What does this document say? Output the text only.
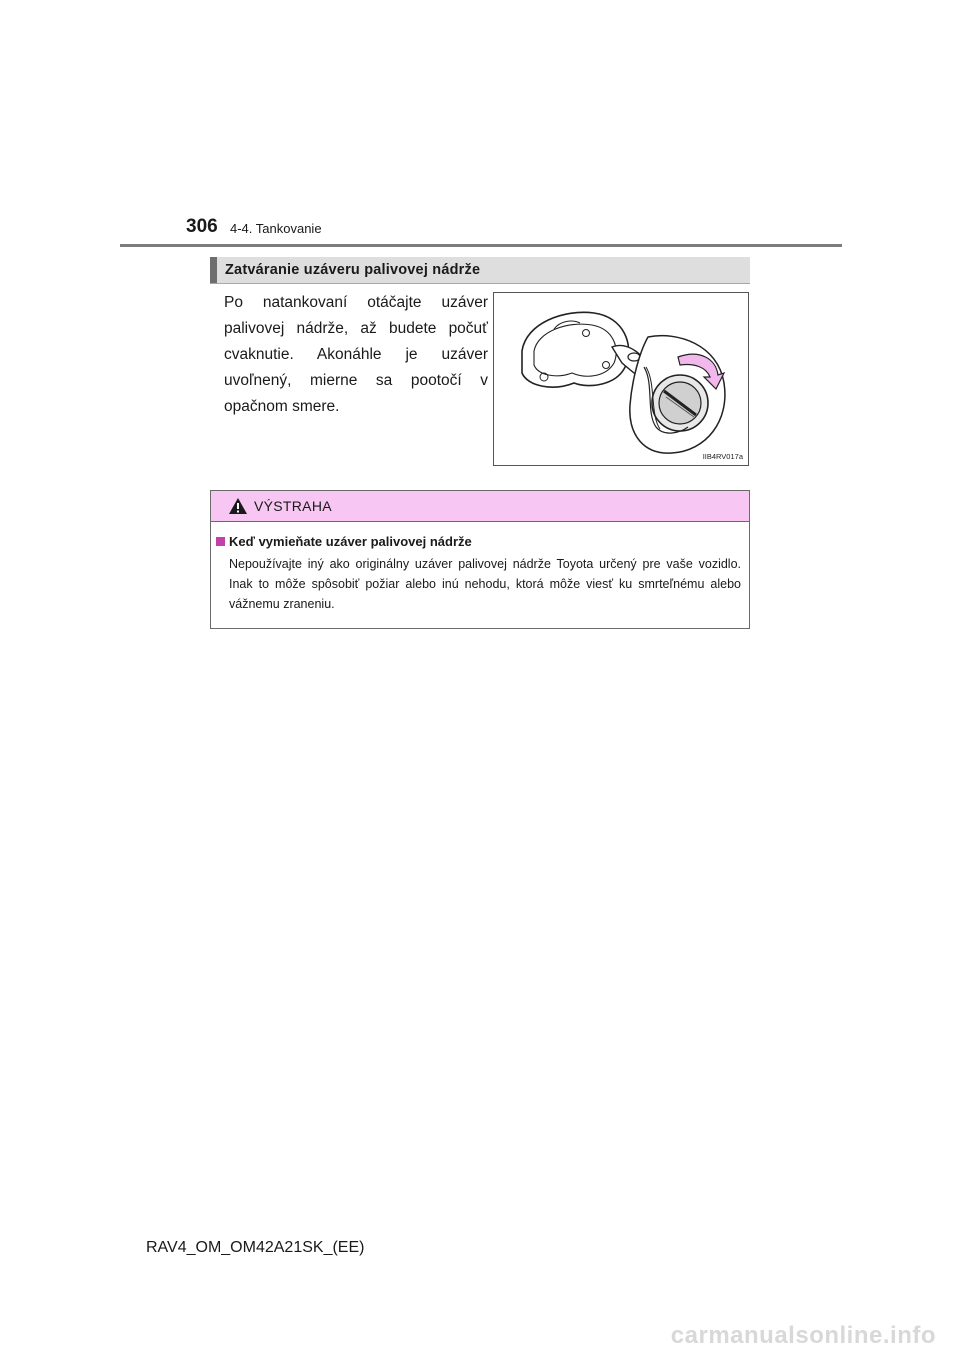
306 4-4. Tankovanie
Zatváranie uzáveru palivovej nádrže

Po natankovaní otáčajte uzáver palivovej nádrže, až budete počuť cvaknutie. Akonáhle je uzáver uvoľnený, mierne sa pootočí v opačnom smere.

IIB4RV017a
VÝSTRAHA
Keď vymieňate uzáver palivovej nádrže

Nepoužívajte iný ako originálny uzáver palivovej nádrže Toyota určený pre vaše vozidlo. Inak to môže spôsobiť požiar alebo inú nehodu, ktorá môže viesť ku smrteľnému alebo vážnemu zraneniu.

RAV4_OM_OM42A21SK_(EE)
carmanualsonline.info
